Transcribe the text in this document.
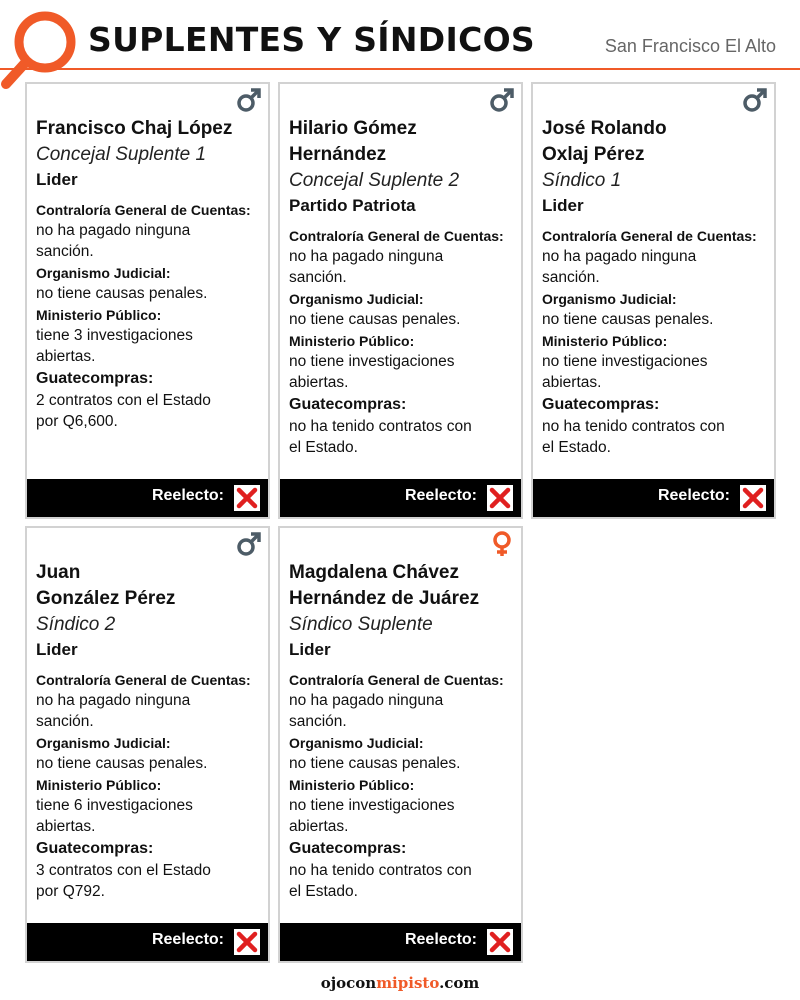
SUPLENTES Y SÍNDICOS	San Francisco El Alto
Francisco Chaj López
Concejal Suplente 1
Lider
Contraloría General de Cuentas:
no ha pagado ninguna
sanción.
Organismo Judicial:
no tiene causas penales.
Ministerio Público:
tiene 3 investigaciones
abiertas.
Guatecompras:
2 contratos con el Estado
por Q6,600.
Reelecto:
Hilario Gómez
Hernández
Concejal Suplente 2
Partido Patriota
Contraloría General de Cuentas:
no ha pagado ninguna
sanción.
Organismo Judicial:
no tiene causas penales.
Ministerio Público:
no tiene investigaciones
abiertas.
Guatecompras:
no ha tenido contratos con
el Estado.
Reelecto:
José Rolando
Oxlaj Pérez
Síndico 1
Lider
Contraloría General de Cuentas:
no ha pagado ninguna
sanción.
Organismo Judicial:
no tiene causas penales.
Ministerio Público:
no tiene investigaciones
abiertas.
Guatecompras:
no ha tenido contratos con
el Estado.
Reelecto:
Juan
González Pérez
Síndico 2
Lider
Contraloría General de Cuentas:
no ha pagado ninguna
sanción.
Organismo Judicial:
no tiene causas penales.
Ministerio Público:
tiene 6 investigaciones
abiertas.
Guatecompras:
3 contratos con el Estado
por Q792.
Reelecto:
Magdalena Chávez
Hernández de Juárez
Síndico Suplente
Lider
Contraloría General de Cuentas:
no ha pagado ninguna
sanción.
Organismo Judicial:
no tiene causas penales.
Ministerio Público:
no tiene investigaciones
abiertas.
Guatecompras:
no ha tenido contratos con
el Estado.
Reelecto:
ojoconmipisto.com
